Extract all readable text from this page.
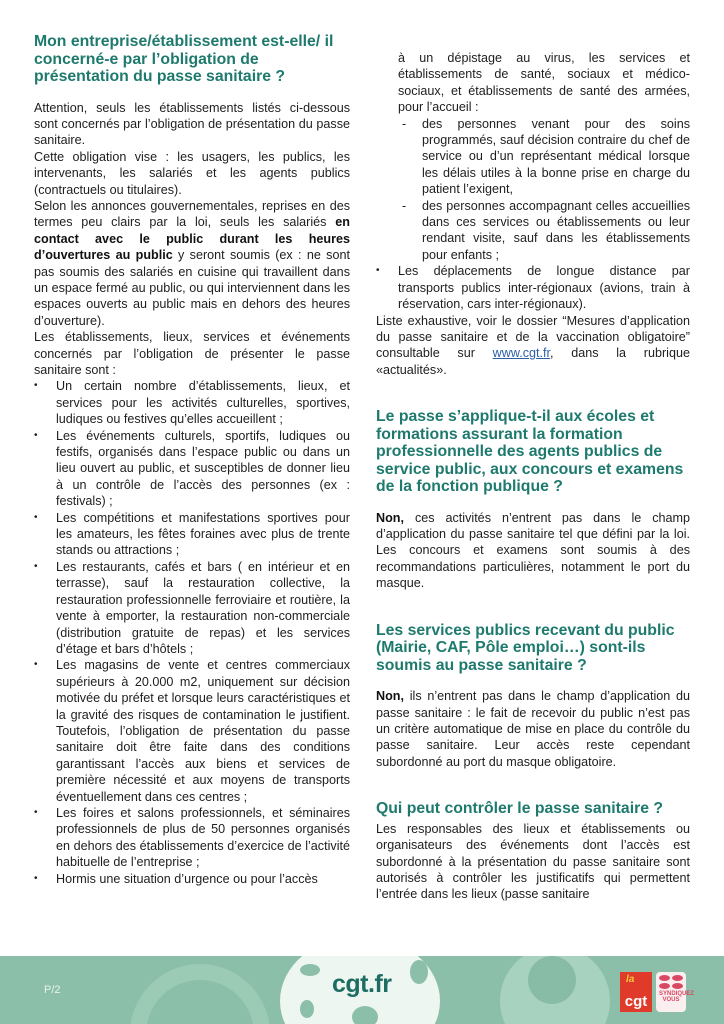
Mon entreprise/établissement est-elle/ il concerné-e par l’obligation de présentation du passe sanitaire ?

Attention, seuls les établissements listés ci-dessous sont concernés par l’obligation de présentation du passe sanitaire.

Cette obligation vise : les usagers, les publics, les intervenants, les salariés et les agents publics (contractuels ou titulaires).

Selon les annonces gouvernementales, reprises en des termes peu clairs par la loi, seuls les salariés en contact avec le public durant les heures d’ouvertures au public y seront soumis (ex : ne sont pas soumis des salariés en cuisine qui travaillent dans un espace fermé au public, ou qui interviennent dans les espaces ouverts au public mais en dehors des heures d’ouverture).

Les établissements, lieux, services et événements concernés par l’obligation de présenter le passe sanitaire sont :

• Un certain nombre d’établissements, lieux, et services pour les activités culturelles, sportives, ludiques ou festives qu’elles accueillent ;
• Les événements culturels, sportifs, ludiques ou festifs, organisés dans l’espace public ou dans un lieu ouvert au public, et susceptibles de donner lieu à un contrôle de l’accès des personnes (ex : festivals) ;
• Les compétitions et manifestations sportives pour les amateurs, les fêtes foraines avec plus de trente stands ou attractions ;
• Les restaurants, cafés et bars ( en intérieur et en terrasse), sauf la restauration collective, la restauration professionnelle ferroviaire et routière, la vente à emporter, la restauration non-commerciale (distribution gratuite de repas) et les services d’étage et bars d’hôtels ;
• Les magasins de vente et centres commerciaux supérieurs à 20.000 m2, uniquement sur décision motivée du préfet et lorsque leurs caractéristiques et la gravité des risques de contamination le justifient. Toutefois, l’obligation de présentation du passe sanitaire doit être faite dans des conditions garantissant l’accès aux biens et services de première nécessité et aux moyens de transports éventuellement dans ces centres ;
• Les foires et salons professionnels, et séminaires professionnels de plus de 50 personnes organisés en dehors des établissements d’exercice de l’activité habituelle de l’entreprise ;
• Hormis une situation d’urgence ou pour l’accès

à un dépistage au virus, les services et établissements de santé, sociaux et médico-sociaux, et établissements de santé des armées, pour l’accueil :

- des personnes venant pour des soins programmés, sauf décision contraire du chef de service ou d’un représentant médical lorsque les délais utiles à la bonne prise en charge du patient l’exigent,
- des personnes accompagnant celles accueillies dans ces services ou établissements ou leur rendant visite, sauf dans les établissements pour enfants ;
• Les déplacements de longue distance par transports publics inter-régionaux (avions, train à réservation, cars inter-régionaux).

Liste exhaustive, voir le dossier “Mesures d’application du passe sanitaire et de la vaccination obligatoire” consultable sur www.cgt.fr, dans la rubrique «actualités».

Le passe s’applique-t-il aux écoles et formations assurant la formation professionnelle des agents publics de service public, aux concours et examens de la fonction publique ?

Non, ces activités n’entrent pas dans le champ d’application du passe sanitaire tel que défini par la loi. Les concours et examens sont soumis à des recommandations particulières, notamment le port du masque.

Les services publics recevant du public (Mairie, CAF, Pôle emploi…) sont-ils soumis au passe sanitaire ?

Non, ils n’entrent pas dans le champ d’application du passe sanitaire : le fait de recevoir du public n’est pas un critère automatique de mise en place du contrôle du passe sanitaire. Leur accès reste cependant subordonné au port du masque obligatoire.

Qui peut contrôler le passe sanitaire ?

Les responsables des lieux et établissements ou organisateurs des événements dont l’accès est subordonné à la présentation du passe sanitaire sont autorisés à contrôler les justificatifs qui permettent l’entrée dans les lieux (passe sanitaire

P/2	cgt.fr	la
cgt SYNDIQUEZ VOUS
